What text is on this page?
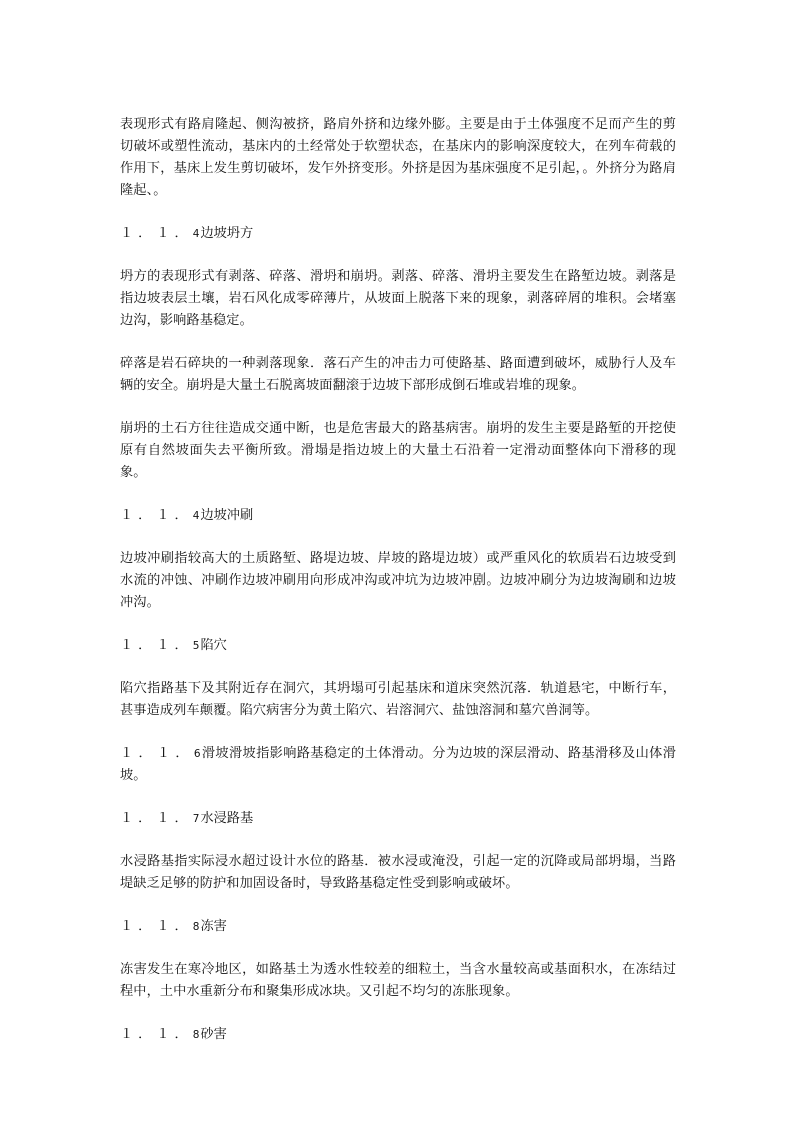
表现形式有路肩隆起、侧沟被挤，路肩外挤和边缘外膨。主要是由于土体强度不足而产生的剪切破坏或塑性流动，基床内的土经常处于软塑状态，在基床内的影响深度较大，在列车荷载的作用下，基床上发生剪切破坏，发乍外挤变形。外挤是因为基床强度不足引起，。外挤分为路肩隆起、。

１．１．4边坡坍方

坍方的表现形式有剥落、碎落、滑坍和崩坍。剥落、碎落、滑坍主要发生在路堑边坡。剥落是指边坡表层土壤，岩石风化成零碎薄片，从坡面上脱落下来的现象，剥落碎屑的堆积。会堵塞边沟，影响路基稳定。

碎落是岩石碎块的一种剥落现象．落石产生的冲击力可使路基、路面遭到破坏，威胁行人及车辆的安全。崩坍是大量土石脱离坡面翻滚于边坡下部形成倒石堆或岩堆的现象。

崩坍的土石方往往造成交通中断，也是危害最大的路基病害。崩坍的发生主要是路堑的开挖使原有自然坡面失去平衡所致。滑塌是指边坡上的大量土石沿着一定滑动面整体向下滑移的现象。

１．１．4边坡冲刷

边坡冲刷指较高大的土质路堑、路堤边坡、岸坡的路堤边坡）或严重风化的软质岩石边坡受到水流的冲蚀、冲刷作边坡冲刷用向形成冲沟或冲坑为边坡冲剧。边坡冲刷分为边坡淘刷和边坡冲沟。

１．１．5陷穴

陷穴指路基下及其附近存在洞穴，其坍塌可引起基床和道床突然沉落．轨道悬宅，中断行车，甚事造成列车颠覆。陷穴病害分为黄土陷穴、岩溶洞穴、盐蚀溶洞和墓穴兽洞等。

１．１．6滑坡滑坡指影响路基稳定的土体滑动。分为边坡的深层滑动、路基滑移及山体滑坡。

１．１．7水浸路基

水浸路基指实际浸水超过设计水位的路基．被水浸或淹没，引起一定的沉降或局部坍塌，当路堤缺乏足够的防护和加固设备时，导致路基稳定性受到影响或破坏。

１．１．8冻害

冻害发生在寒冷地区，如路基土为透水性较差的细粒土，当含水量较高或基面积水，在冻结过程中，土中水重新分布和聚集形成冰块。又引起不均匀的冻胀现象。

１．１．8砂害
